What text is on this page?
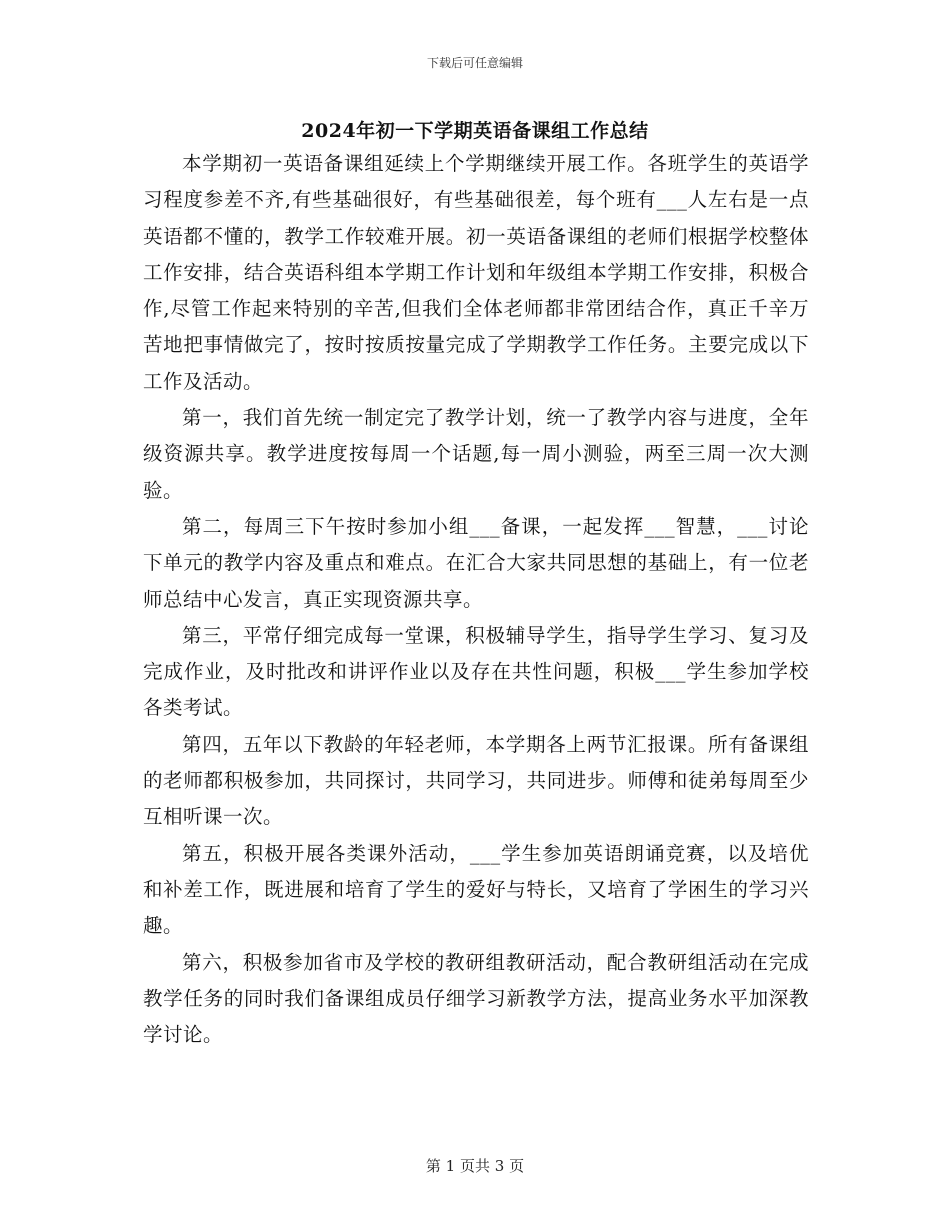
下载后可任意编辑
2024年初一下学期英语备课组工作总结

本学期初一英语备课组延续上个学期继续开展工作。各班学生的英语学习程度参差不齐,有些基础很好，有些基础很差，每个班有___人左右是一点英语都不懂的，教学工作较难开展。初一英语备课组的老师们根据学校整体工作安排，结合英语科组本学期工作计划和年级组本学期工作安排，积极合作,尽管工作起来特别的辛苦,但我们全体老师都非常团结合作，真正千辛万苦地把事情做完了，按时按质按量完成了学期教学工作任务。主要完成以下工作及活动。

第一，我们首先统一制定完了教学计划，统一了教学内容与进度，全年级资源共享。教学进度按每周一个话题,每一周小测验，两至三周一次大测验。

第二，每周三下午按时参加小组___备课，一起发挥___智慧，___讨论下单元的教学内容及重点和难点。在汇合大家共同思想的基础上，有一位老师总结中心发言，真正实现资源共享。

第三，平常仔细完成每一堂课，积极辅导学生，指导学生学习、复习及完成作业，及时批改和讲评作业以及存在共性问题，积极___学生参加学校各类考试。

第四，五年以下教龄的年轻老师，本学期各上两节汇报课。所有备课组的老师都积极参加，共同探讨，共同学习，共同进步。师傅和徒弟每周至少互相听课一次。

第五，积极开展各类课外活动，___学生参加英语朗诵竞赛，以及培优和补差工作，既进展和培育了学生的爱好与特长，又培育了学困生的学习兴趣。

第六，积极参加省市及学校的教研组教研活动，配合教研组活动在完成教学任务的同时我们备课组成员仔细学习新教学方法，提高业务水平加深教学讨论。

第 1 页共 3 页
